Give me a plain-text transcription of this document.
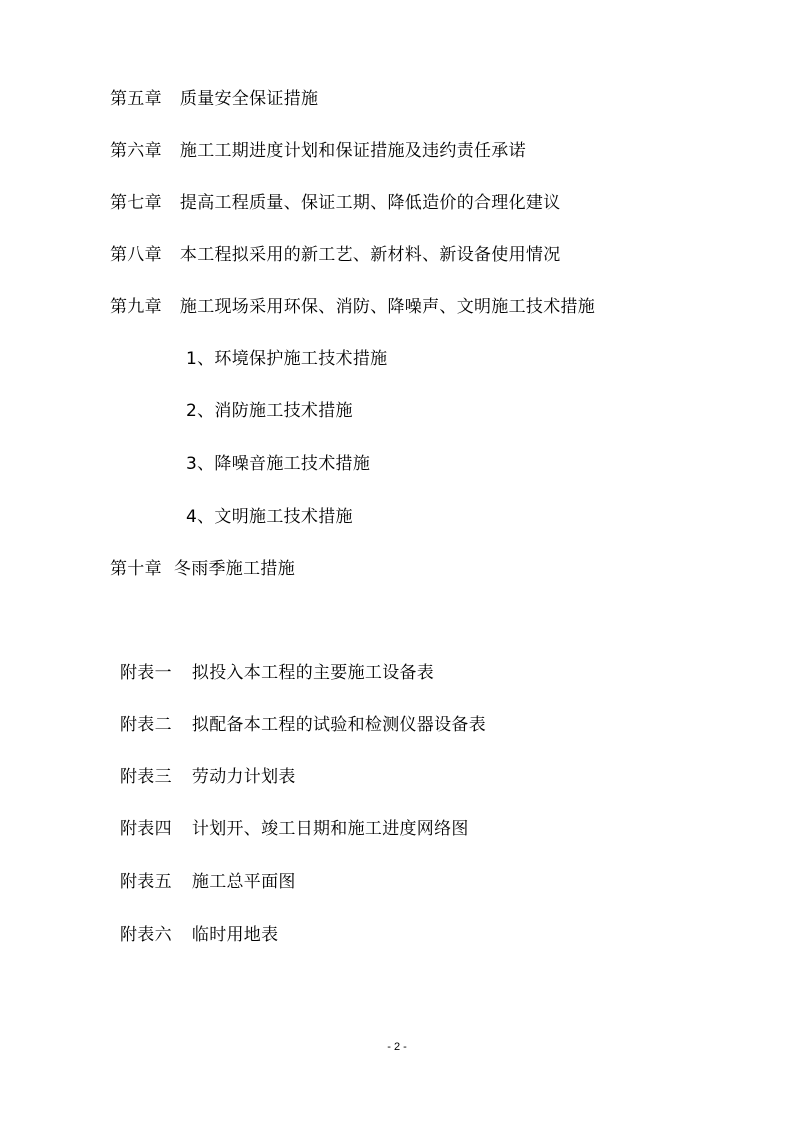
第五章 质量安全保证措施
第六章 施工工期进度计划和保证措施及违约责任承诺
第七章 提高工程质量、保证工期、降低造价的合理化建议
第八章 本工程拟采用的新工艺、新材料、新设备使用情况
第九章 施工现场采用环保、消防、降噪声、文明施工技术措施
1、环境保护施工技术措施
2、消防施工技术措施
3、降噪音施工技术措施
4、文明施工技术措施
第十章 冬雨季施工措施
附表一 拟投入本工程的主要施工设备表
附表二 拟配备本工程的试验和检测仪器设备表
附表三 劳动力计划表
附表四 计划开、竣工日期和施工进度网络图
附表五 施工总平面图
附表六 临时用地表
- 2 -
